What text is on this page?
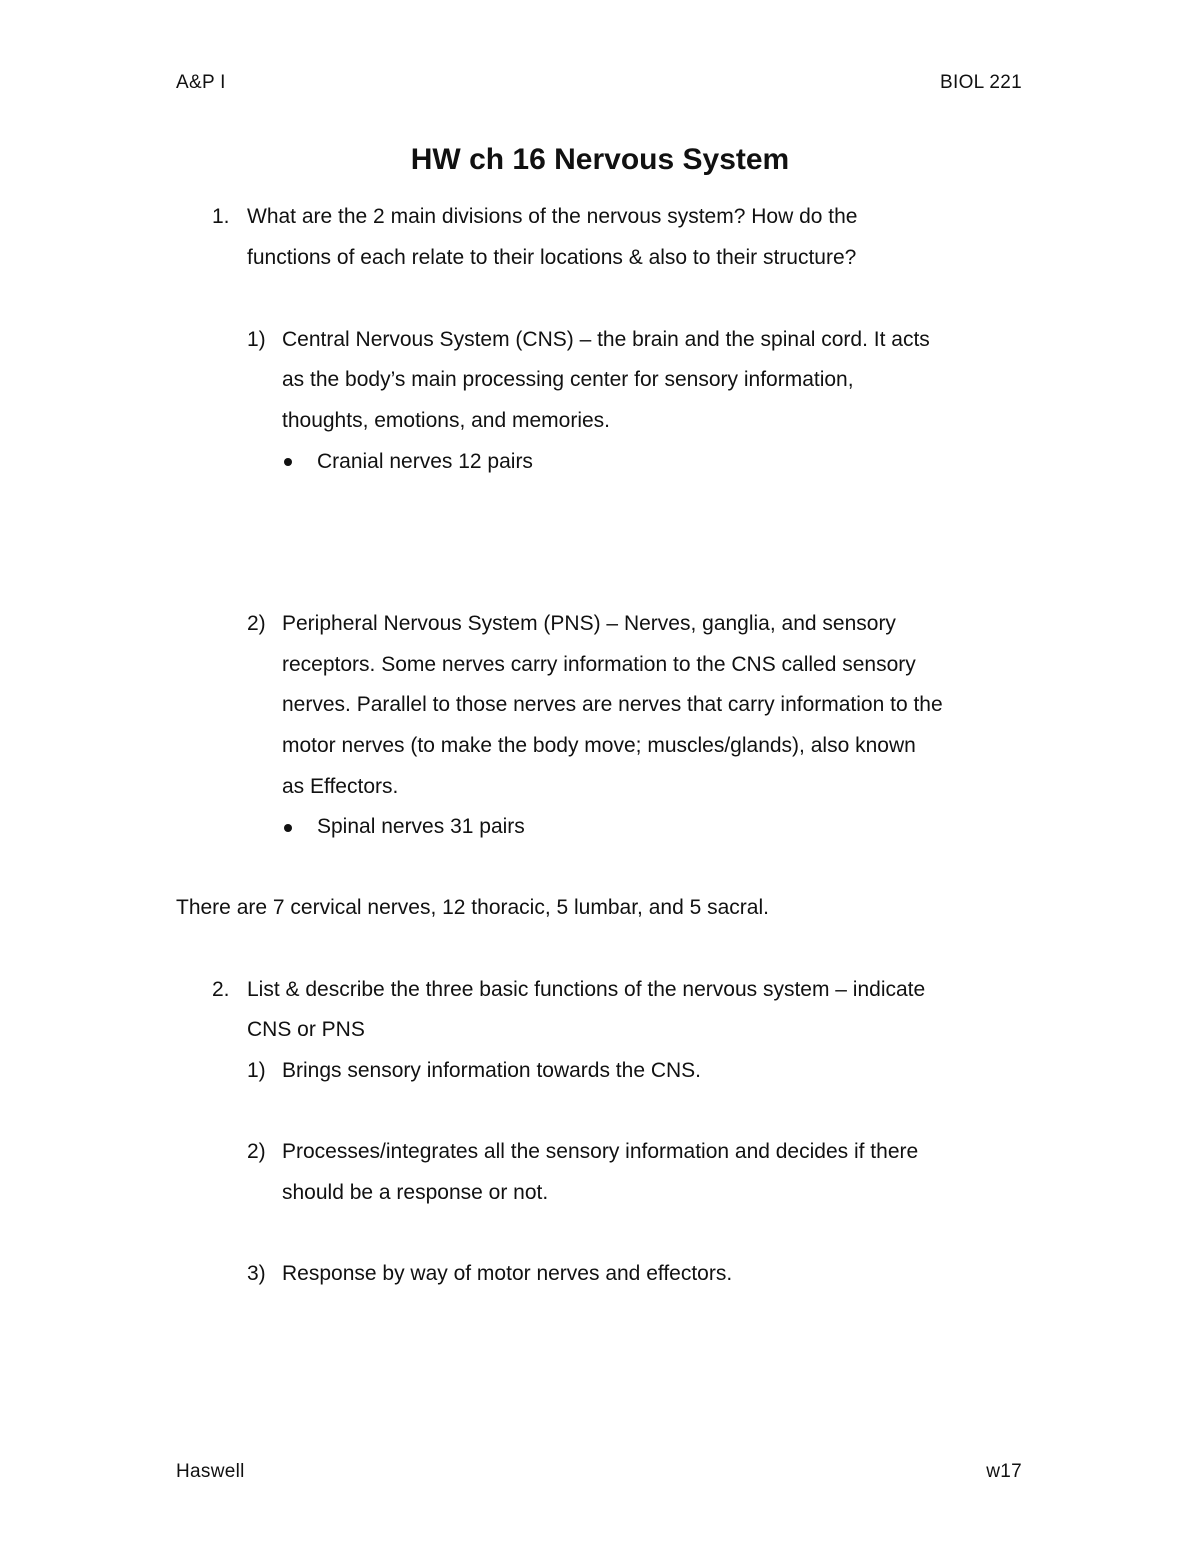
A&P I	BIOL 221
HW ch 16 Nervous System
1. What are the 2 main divisions of the nervous system? How do the
functions of each relate to their locations & also to their structure?
1) Central Nervous System (CNS) – the brain and the spinal cord. It acts
as the body’s main processing center for sensory information,
thoughts, emotions, and memories.
Cranial nerves 12 pairs
2) Peripheral Nervous System (PNS) – Nerves, ganglia, and sensory
receptors. Some nerves carry information to the CNS called sensory
nerves. Parallel to those nerves are nerves that carry information to the
motor nerves (to make the body move; muscles/glands), also known
as Effectors.
Spinal nerves 31 pairs
There are 7 cervical nerves, 12 thoracic, 5 lumbar, and 5 sacral.
2. List & describe the three basic functions of the nervous system – indicate
CNS or PNS
1) Brings sensory information towards the CNS.
2) Processes/integrates all the sensory information and decides if there
should be a response or not.
3) Response by way of motor nerves and effectors.
Haswell	w17
